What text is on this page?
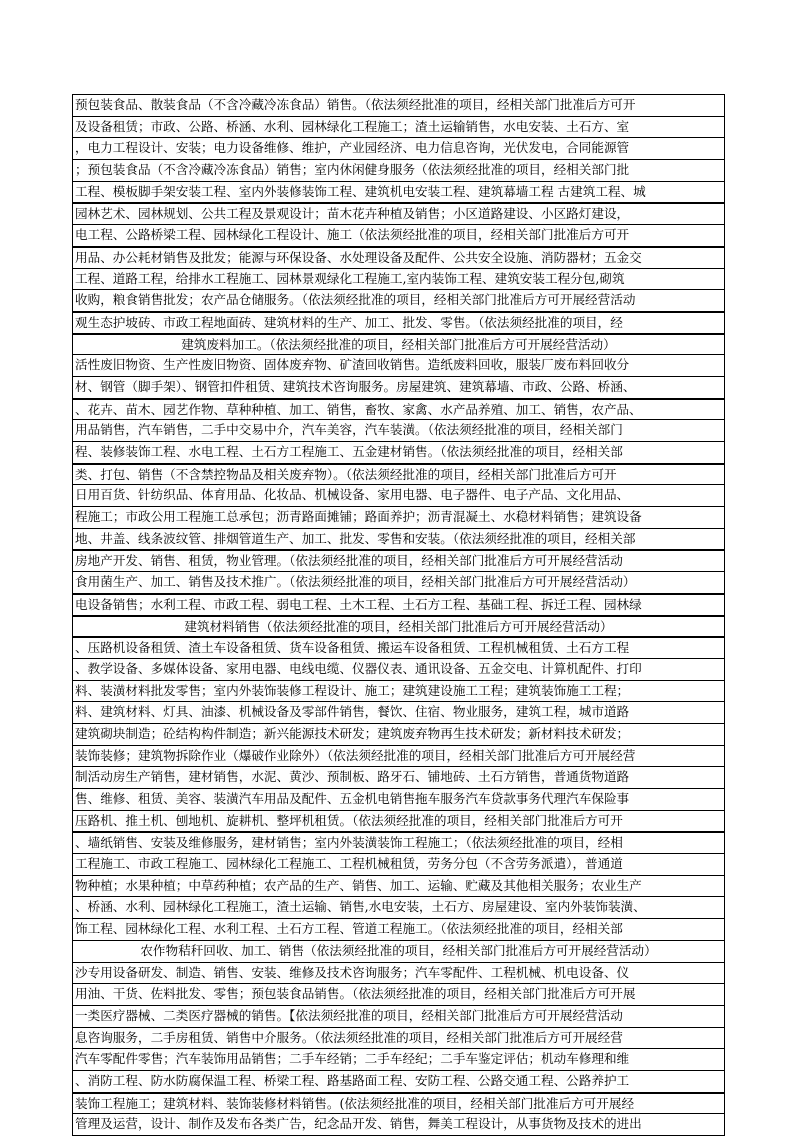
预包装食品、散装食品（不含冷藏冷冻食品）销售。（依法须经批准的项目，经相关部门批准后方可开
及设备租赁；市政、公路、桥涵、水利、园林绿化工程施工；渣土运输销售，水电安装、土石方、室
，电力工程设计、安装；电力设备维修、维护，产业园经济、电力信息咨询，光伏发电，合同能源管
；预包装食品（不含冷藏冷冻食品）销售；室内休闲健身服务（依法须经批准的项目，经相关部门批
工程、模板脚手架安装工程、室内外装修装饰工程、建筑机电安装工程、建筑幕墙工程 古建筑工程、城
园林艺术、园林规划、公共工程及景观设计；苗木花卉种植及销售；小区道路建设、小区路灯建设，
电工程、公路桥梁工程、园林绿化工程设计、施工（依法须经批准的项目，经相关部门批准后方可开
用品、办公耗材销售及批发；能源与环保设备、水处理设备及配件、公共安全设施、消防器材；五金交
工程、道路工程，给排水工程施工、园林景观绿化工程施工,室内装饰工程、建筑安装工程分包,砌筑
收购，粮食销售批发；农产品仓储服务。（依法须经批准的项目，经相关部门批准后方可开展经营活动
观生态护坡砖、市政工程地面砖、建筑材料的生产、加工、批发、零售。（依法须经批准的项目，经
建筑废料加工。（依法须经批准的项目，经相关部门批准后方可开展经营活动）
活性废旧物资、生产性废旧物资、固体废弃物、矿渣回收销售。造纸废料回收，服装厂废布料回收分
材、钢管（脚手架）、钢管扣件租赁、建筑技术咨询服务。房屋建筑、建筑幕墙、市政、公路、桥涵、
、花卉、苗木、园艺作物、草种种植、加工、销售，畜牧、家禽、水产品养殖、加工、销售，农产品、
用品销售，汽车销售，二手中交易中介，汽车美容，汽车装潢。（依法须经批准的项目，经相关部门
程、装修装饰工程、水电工程、土石方工程施工、五金建材销售。（依法须经批准的项目，经相关部
类、打包、销售（不含禁控物品及相关废弃物）。（依法须经批准的项目，经相关部门批准后方可开
日用百货、针纺织品、体育用品、化妆品、机械设备、家用电器、电子器件、电子产品、文化用品、
程施工；市政公用工程施工总承包；沥青路面摊铺；路面养护；沥青混凝土、水稳材料销售；建筑设备
地、井盖、线条波纹管、排烟管道生产、加工、批发、零售和安装。（依法须经批准的项目，经相关部
房地产开发、销售、租赁，物业管理。（依法须经批准的项目，经相关部门批准后方可开展经营活动
食用菌生产、加工、销售及技术推广。（依法须经批准的项目，经相关部门批准后方可开展经营活动）
电设备销售；水利工程、市政工程、弱电工程、土木工程、土石方工程、基础工程、拆迁工程、园林绿
建筑材料销售（依法须经批准的项目，经相关部门批准后方可开展经营活动）
、压路机设备租赁、渣土车设备租赁、货车设备租赁、搬运车设备租赁、工程机械租赁、土石方工程
、教学设备、多媒体设备、家用电器、电线电缆、仪器仪表、通讯设备、五金交电、计算机配件、打印
料、装潢材料批发零售；室内外装饰装修工程设计、施工；建筑建设施工工程；建筑装饰施工工程；
料、建筑材料、灯具、油漆、机械设备及零部件销售，餐饮、住宿、物业服务，建筑工程，城市道路
建筑砌块制造；砼结构构件制造；新兴能源技术研发；建筑废弃物再生技术研发；新材料技术研发；
装饰装修；建筑物拆除作业（爆破作业除外）（依法须经批准的项目，经相关部门批准后方可开展经营
制活动房生产销售，建材销售，水泥、黄沙、预制板、路牙石、铺地砖、土石方销售，普通货物道路
售、维修、租赁、美容、装潢汽车用品及配件、五金机电销售拖车服务汽车贷款事务代理汽车保险事
压路机、推土机、刨地机、旋耕机、整坪机租赁。（依法须经批准的项目，经相关部门批准后方可开
、墙纸销售、安装及维修服务，建材销售；室内外装潢装饰工程施工；（依法须经批准的项目，经相
工程施工、市政工程施工、园林绿化工程施工、工程机械租赁，劳务分包（不含劳务派遣），普通道
物种植；水果种植；中草药种植；农产品的生产、销售、加工、运输、贮藏及其他相关服务；农业生产
、桥涵、水利、园林绿化工程施工，渣土运输、销售,水电安装，土石方、房屋建设、室内外装饰装潢、
饰工程、园林绿化工程、水利工程、土石方工程、管道工程施工。（依法须经批准的项目，经相关部
农作物秸秆回收、加工、销售（依法须经批准的项目，经相关部门批准后方可开展经营活动）
沙专用设备研发、制造、销售、安装、维修及技术咨询服务；汽车零配件、工程机械、机电设备、仪
用油、干货、佐料批发、零售；预包装食品销售。（依法须经批准的项目，经相关部门批准后方可开展
一类医疗器械、二类医疗器械的销售。【依法须经批准的项目，经相关部门批准后方可开展经营活动
息咨询服务，二手房租赁、销售中介服务。（依法须经批准的项目，经相关部门批准后方可开展经营
汽车零配件零售；汽车装饰用品销售；二手车经销；二手车经纪；二手车鉴定评估；机动车修理和维
、消防工程、防水防腐保温工程、桥梁工程、路基路面工程、安防工程、公路交通工程、公路养护工
装饰工程施工；建筑材料、装饰装修材料销售。(依法须经批准的项目，经相关部门批准后方可开展经
管理及运营，设计、制作及发布各类广告，纪念品开发、销售，舞美工程设计，从事货物及技术的进出
